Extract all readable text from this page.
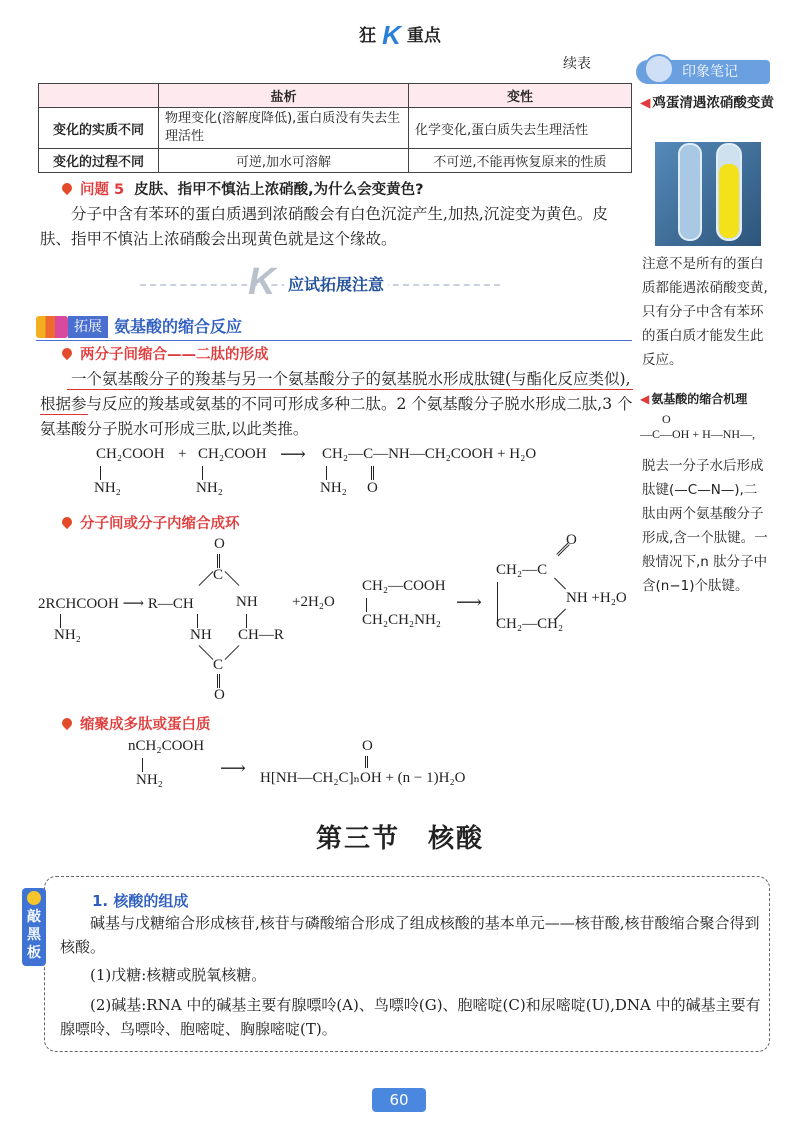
狂 K 重点
续表
	盐析	变性
变化的实质不同	物理变化(溶解度降低),蛋白质没有失去生理活性	化学变化,蛋白质失去生理活性
变化的过程不同	可逆,加水可溶解	不可逆,不能再恢复原来的性质
问题 5 皮肤、指甲不慎沾上浓硝酸,为什么会变黄色?
分子中含有苯环的蛋白质遇到浓硝酸会有白色沉淀产生,加热,沉淀变为黄色。皮肤、指甲不慎沾上浓硝酸会出现黄色就是这个缘故。
K 应试拓展注意
拓展 氨基酸的缩合反应
两分子间缩合——二肽的形成
一个氨基酸分子的羧基与另一个氨基酸分子的氨基脱水形成肽键(与酯化反应类似),根据参与反应的羧基或氨基的不同可形成多种二肽。2 个氨基酸分子脱水形成二肽,3 个氨基酸分子脱水可形成三肽,以此类推。
CH₂COOH
NH₂
+ CH₂COOH
NH₂
⟶ CH₂—C—NH—CH₂COOH + H₂O
NH₂ O
分子间或分子内缩合成环
2RCHCOOH ⟶ R—CH
NH₂
O
C
NH
NH CH—R
C
O
+2H₂O
CH₂—COOH
CH₂CH₂NH₂
⟶
O
CH₂—C
NH +H₂O
CH₂—CH₂
缩聚成多肽或蛋白质
nCH₂COOH
NH₂
⟶
O
H[NH—CH₂C]ₙOH + (n − 1)H₂O
第三节　核酸
敲黑板
1. 核酸的组成
碱基与戊糖缩合形成核苷,核苷与磷酸缩合形成了组成核酸的基本单元——核苷酸,核苷酸缩合聚合得到核酸。
(1)戊糖:核糖或脱氧核糖。
(2)碱基:RNA 中的碱基主要有腺嘌呤(A)、鸟嘌呤(G)、胞嘧啶(C)和尿嘧啶(U),DNA 中的碱基主要有腺嘌呤、鸟嘌呤、胞嘧啶、胸腺嘧啶(T)。
60
印象笔记
◀ 鸡蛋清遇浓硝酸变黄
注意不是所有的蛋白质都能遇浓硝酸变黄,只有分子中含有苯环的蛋白质才能发生此反应。
◀ 氨基酸的缩合机理
O
—C—OH + H—NH—,
脱去一分子水后形成肽键(—C—N—),二肽由两个氨基酸分子形成,含一个肽键。一般情况下,n 肽分子中含(n−1)个肽键。
